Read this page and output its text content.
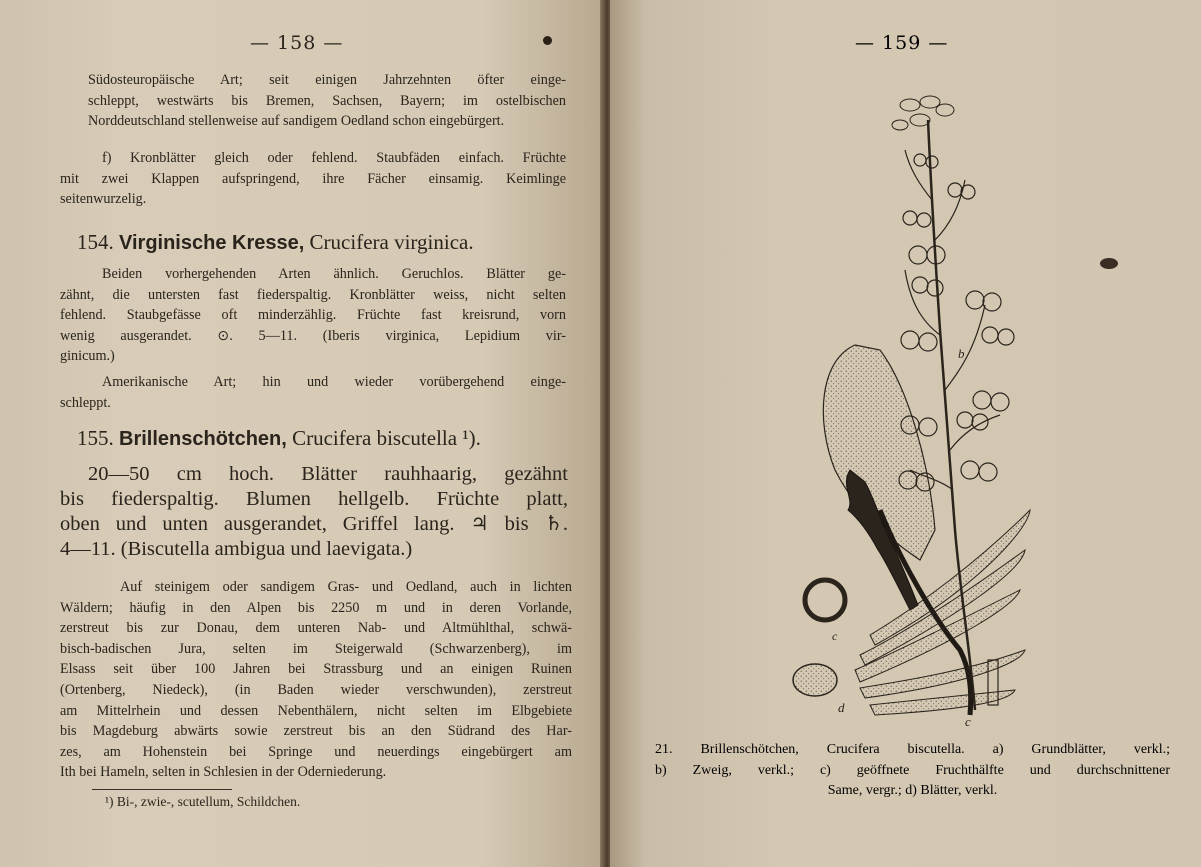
— 158 —
Südosteuropäische Art; seit einigen Jahrzehnten öfter einge-
schleppt, westwärts bis Bremen, Sachsen, Bayern; im ostelbischen
Norddeutschland stellenweise auf sandigem Oedland schon eingebürgert.
f) Kronblätter gleich oder fehlend. Staubfäden einfach. Früchte
mit zwei Klappen aufspringend, ihre Fächer einsamig. Keimlinge
seitenwurzelig.
154. Virginische Kresse, Crucifera virginica.
Beiden vorhergehenden Arten ähnlich. Geruchlos. Blätter ge-
zähnt, die untersten fast fiederspaltig. Kronblätter weiss, nicht selten
fehlend. Staubgefässe oft minderzählig. Früchte fast kreisrund, vorn
wenig ausgerandet. ⊙. 5—11. (Iberis virginica, Lepidium vir-
ginicum.)
Amerikanische Art; hin und wieder vorübergehend einge-
schleppt.
155. Brillenschötchen, Crucifera biscutella ¹).
20—50 cm hoch. Blätter rauhhaarig, gezähnt
bis fiederspaltig. Blumen hellgelb. Früchte platt,
oben und unten ausgerandet, Griffel lang. ♃ bis ♄.
4—11. (Biscutella ambigua und laevigata.)
Auf steinigem oder sandigem Gras- und Oedland, auch in lichten
Wäldern; häufig in den Alpen bis 2250 m und in deren Vorlande,
zerstreut bis zur Donau, dem unteren Nab- und Altmühlthal, schwä-
bisch-badischen Jura, selten im Steigerwald (Schwarzenberg), im
Elsass seit über 100 Jahren bei Strassburg und an einigen Ruinen
(Ortenberg, Niedeck), (in Baden wieder verschwunden), zerstreut
am Mittelrhein und dessen Nebenthälern, nicht selten im Elbgebiete
bis Magdeburg abwärts sowie zerstreut bis an den Südrand des Har-
zes, am Hohenstein bei Springe und neuerdings eingebürgert am
Ith bei Hameln, selten in Schlesien in der Oderniederung.
¹) Bi-, zwie-, scutellum, Schildchen.
— 159 —
b
c
d
c
21. Brillenschötchen, Crucifera biscutella. a) Grundblätter, verkl.;
b) Zweig, verkl.; c) geöffnete Fruchthälfte und durchschnittener
Same, vergr.; d) Blätter, verkl.
